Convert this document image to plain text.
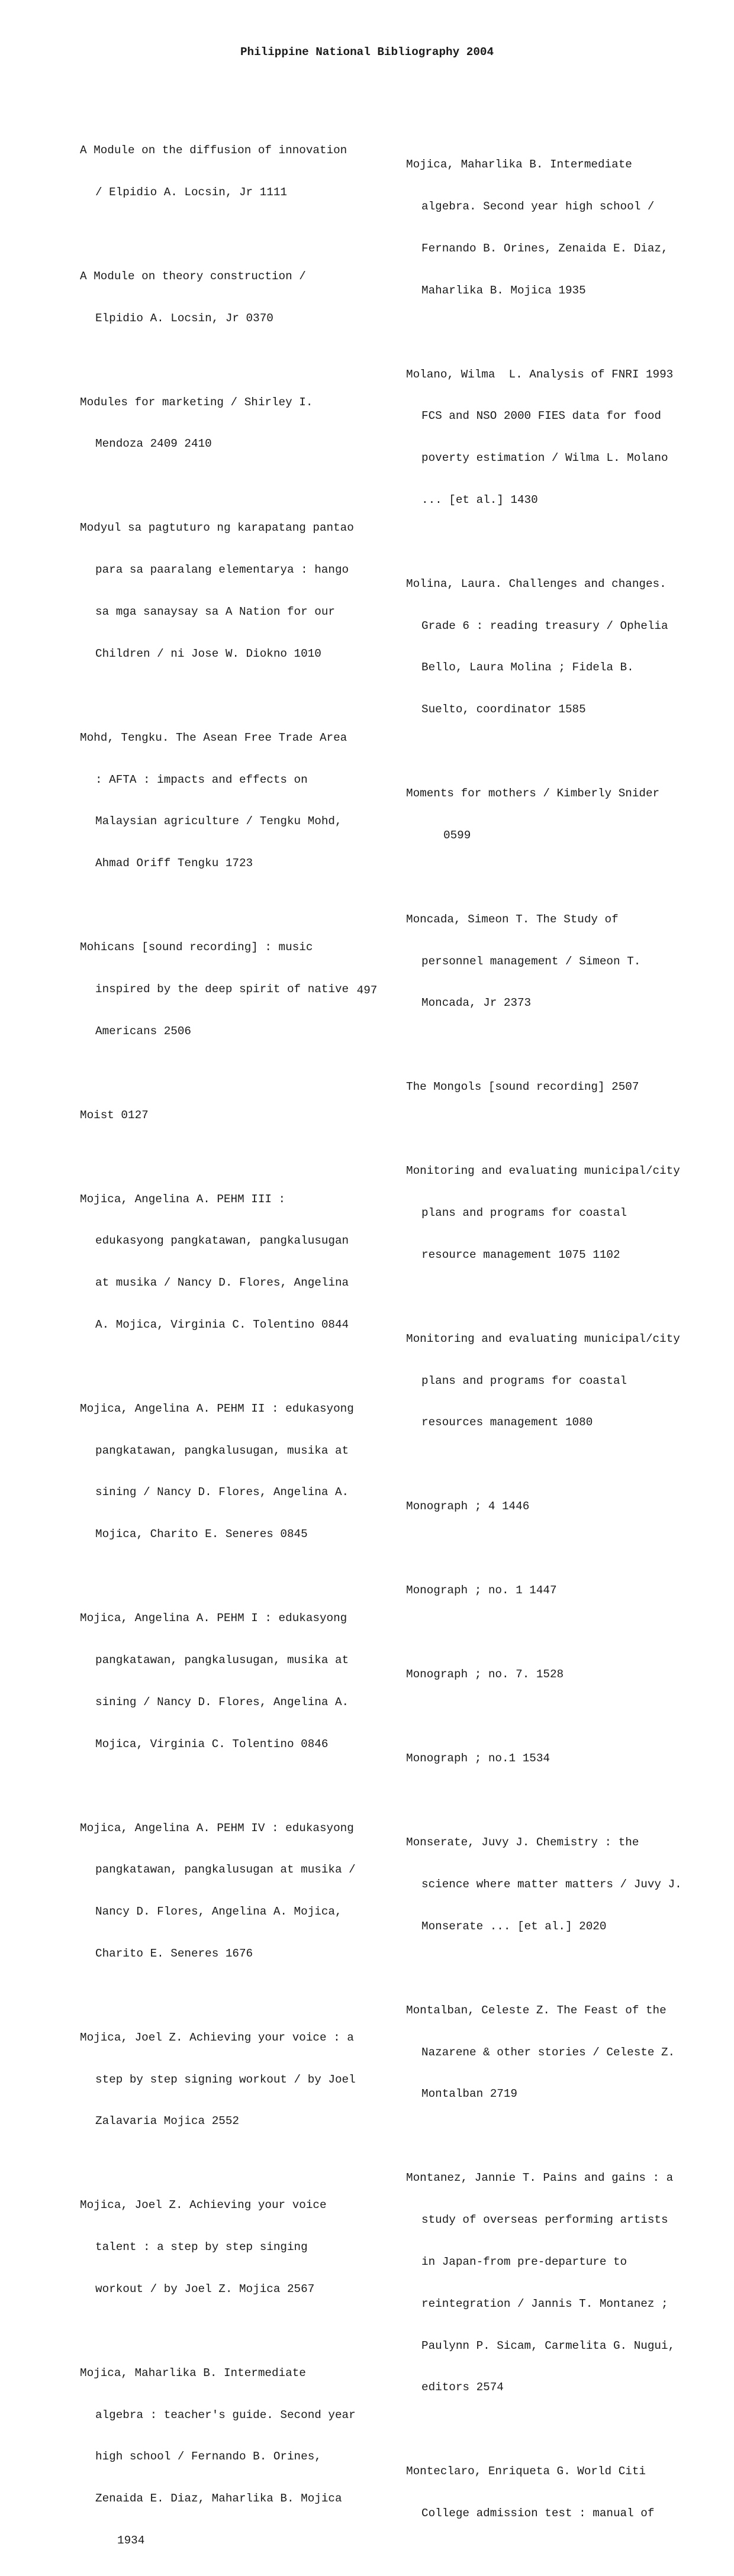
Philippine National Bibliography 2004

A Module on the diffusion of innovation

/ Elpidio A. Locsin, Jr 1111

A Module on theory construction /

Elpidio A. Locsin, Jr 0370

Modules for marketing / Shirley I.

Mendoza 2409 2410

Modyul sa pagtuturo ng karapatang pantao

para sa paaralang elementarya : hango

sa mga sanaysay sa A Nation for our

Children / ni Jose W. Diokno 1010

Mohd, Tengku. The Asean Free Trade Area

: AFTA : impacts and effects on

Malaysian agriculture / Tengku Mohd,

Ahmad Oriff Tengku 1723

Mohicans [sound recording] : music

inspired by the deep spirit of native

Americans 2506

Moist 0127

Mojica, Angelina A. PEHM III :

edukasyong pangkatawan, pangkalusugan

at musika / Nancy D. Flores, Angelina

A. Mojica, Virginia C. Tolentino 0844

Mojica, Angelina A. PEHM II : edukasyong

pangkatawan, pangkalusugan, musika at

sining / Nancy D. Flores, Angelina A.

Mojica, Charito E. Seneres 0845

Mojica, Angelina A. PEHM I : edukasyong

pangkatawan, pangkalusugan, musika at

sining / Nancy D. Flores, Angelina A.

Mojica, Virginia C. Tolentino 0846

Mojica, Angelina A. PEHM IV : edukasyong

pangkatawan, pangkalusugan at musika /

Nancy D. Flores, Angelina A. Mojica,

Charito E. Seneres 1676

Mojica, Joel Z. Achieving your voice : a

step by step signing workout / by Joel

Zalavaria Mojica 2552

Mojica, Joel Z. Achieving your voice

talent : a step by step singing

workout / by Joel Z. Mojica 2567

Mojica, Maharlika B. Intermediate

algebra : teacher's guide. Second year

high school / Fernando B. Orines,

Zenaida E. Diaz, Maharlika B. Mojica

1934

Mojica, Maharlika B. Intermediate

algebra. Second year high school /

Fernando B. Orines, Zenaida E. Diaz,

Maharlika B. Mojica 1935

Molano, Wilma  L. Analysis of FNRI 1993

FCS and NSO 2000 FIES data for food

poverty estimation / Wilma L. Molano

... [et al.] 1430

Molina, Laura. Challenges and changes.

Grade 6 : reading treasury / Ophelia

Bello, Laura Molina ; Fidela B.

Suelto, coordinator 1585

Moments for mothers / Kimberly Snider

0599

Moncada, Simeon T. The Study of

personnel management / Simeon T.

Moncada, Jr 2373

The Mongols [sound recording] 2507

Monitoring and evaluating municipal/city

plans and programs for coastal

resource management 1075 1102

Monitoring and evaluating municipal/city

plans and programs for coastal

resources management 1080

Monograph ; 4 1446

Monograph ; no. 1 1447

Monograph ; no. 7. 1528

Monograph ; no.1 1534

Monserate, Juvy J. Chemistry : the

science where matter matters / Juvy J.

Monserate ... [et al.] 2020

Montalban, Celeste Z. The Feast of the

Nazarene & other stories / Celeste Z.

Montalban 2719

Montanez, Jannie T. Pains and gains : a

study of overseas performing artists

in Japan-from pre-departure to

reintegration / Jannis T. Montanez ;

Paulynn P. Sicam, Carmelita G. Nugui,

editors 2574

Monteclaro, Enriqueta G. World Citi

College admission test : manual of

497
